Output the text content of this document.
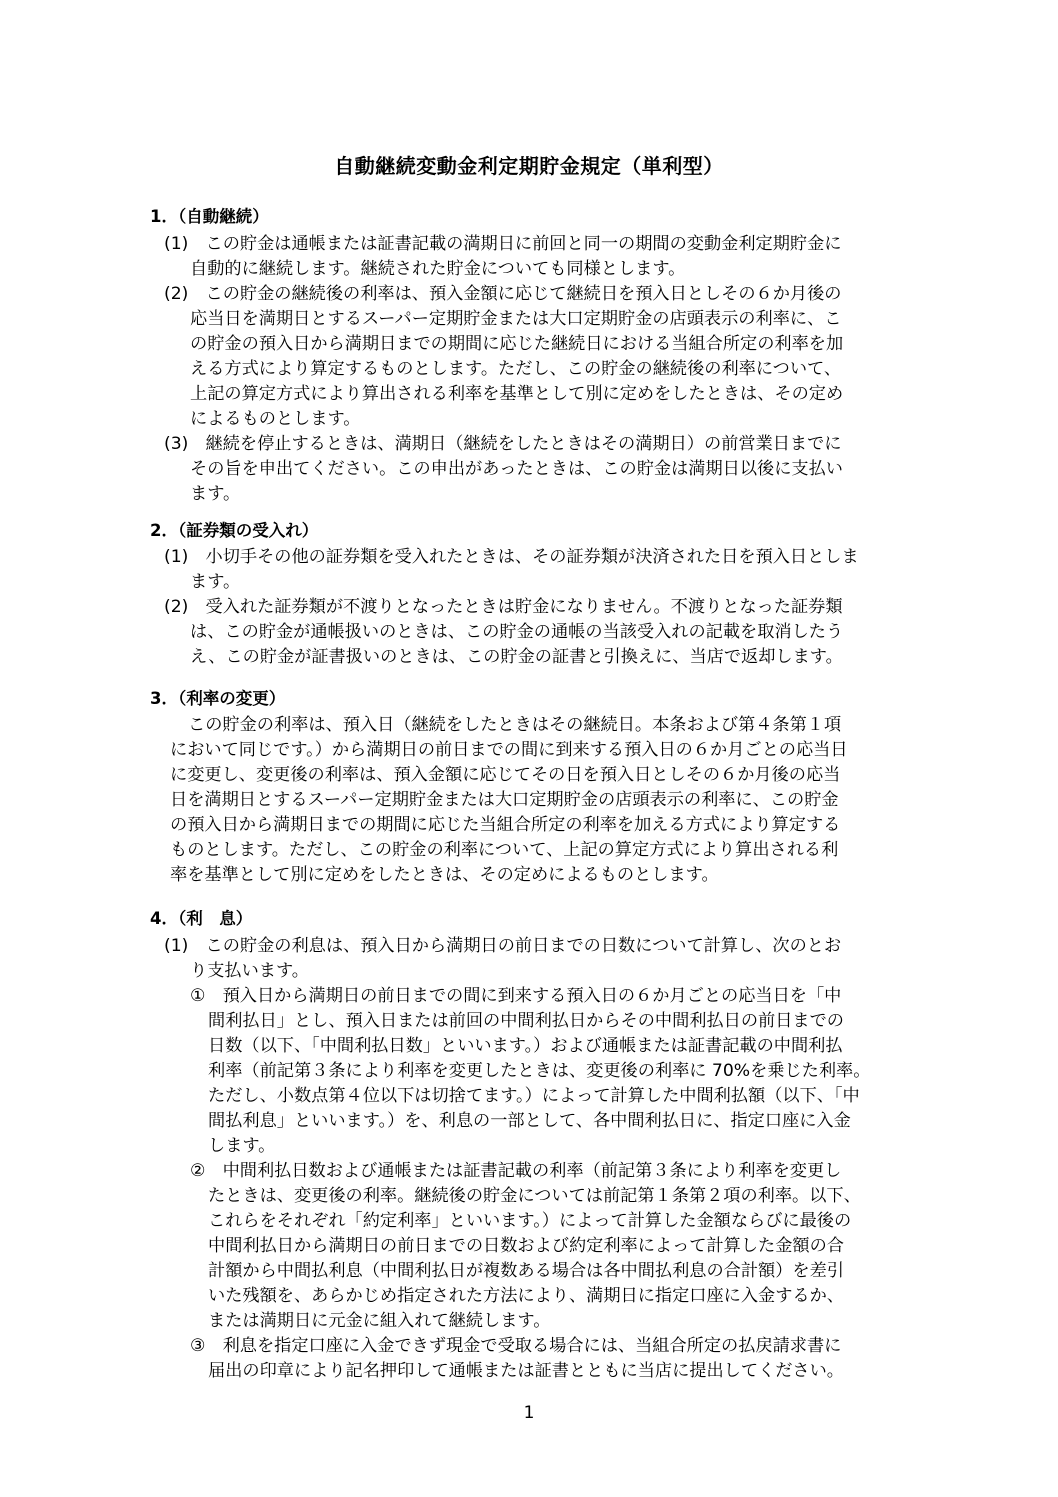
自動継続変動金利定期貯金規定（単利型）
1．（自動継続）
(1)　この貯金は通帳または証書記載の満期日に前回と同一の期間の変動金利定期貯金に
自動的に継続します。継続された貯金についても同様とします。
(2)　この貯金の継続後の利率は、預入金額に応じて継続日を預入日としその６か月後の
応当日を満期日とするスーパー定期貯金または大口定期貯金の店頭表示の利率に、こ
の貯金の預入日から満期日までの期間に応じた継続日における当組合所定の利率を加
える方式により算定するものとします。ただし、この貯金の継続後の利率について、
上記の算定方式により算出される利率を基準として別に定めをしたときは、その定め
によるものとします。
(3)　継続を停止するときは、満期日（継続をしたときはその満期日）の前営業日までに
その旨を申出てください。この申出があったときは、この貯金は満期日以後に支払い
ます。
2．（証券類の受入れ）
(1)　小切手その他の証券類を受入れたときは、その証券類が決済された日を預入日としま
ます。
(2)　受入れた証券類が不渡りとなったときは貯金になりません。不渡りとなった証券類
は、この貯金が通帳扱いのときは、この貯金の通帳の当該受入れの記載を取消したう
え、この貯金が証書扱いのときは、この貯金の証書と引換えに、当店で返却します。
3．（利率の変更）
この貯金の利率は、預入日（継続をしたときはその継続日。本条および第４条第１項
において同じです。）から満期日の前日までの間に到来する預入日の６か月ごとの応当日
に変更し、変更後の利率は、預入金額に応じてその日を預入日としその６か月後の応当
日を満期日とするスーパー定期貯金または大口定期貯金の店頭表示の利率に、この貯金
の預入日から満期日までの期間に応じた当組合所定の利率を加える方式により算定する
ものとします。ただし、この貯金の利率について、上記の算定方式により算出される利
率を基準として別に定めをしたときは、その定めによるものとします。
4．（利　息）
(1)　この貯金の利息は、預入日から満期日の前日までの日数について計算し、次のとお
り支払います。
①　預入日から満期日の前日までの間に到来する預入日の６か月ごとの応当日を「中
間利払日」とし、預入日または前回の中間利払日からその中間利払日の前日までの
日数（以下、「中間利払日数」といいます。）および通帳または証書記載の中間利払
利率（前記第３条により利率を変更したときは、変更後の利率に 70%を乗じた利率。
ただし、小数点第４位以下は切捨てます。）によって計算した中間利払額（以下、「中
間払利息」といいます。）を、利息の一部として、各中間利払日に、指定口座に入金
します。
②　中間利払日数および通帳または証書記載の利率（前記第３条により利率を変更し
たときは、変更後の利率。継続後の貯金については前記第１条第２項の利率。以下、
これらをそれぞれ「約定利率」といいます。）によって計算した金額ならびに最後の
中間利払日から満期日の前日までの日数および約定利率によって計算した金額の合
計額から中間払利息（中間利払日が複数ある場合は各中間払利息の合計額）を差引
いた残額を、あらかじめ指定された方法により、満期日に指定口座に入金するか、
または満期日に元金に組入れて継続します。
③　利息を指定口座に入金できず現金で受取る場合には、当組合所定の払戻請求書に
届出の印章により記名押印して通帳または証書とともに当店に提出してください。
1
